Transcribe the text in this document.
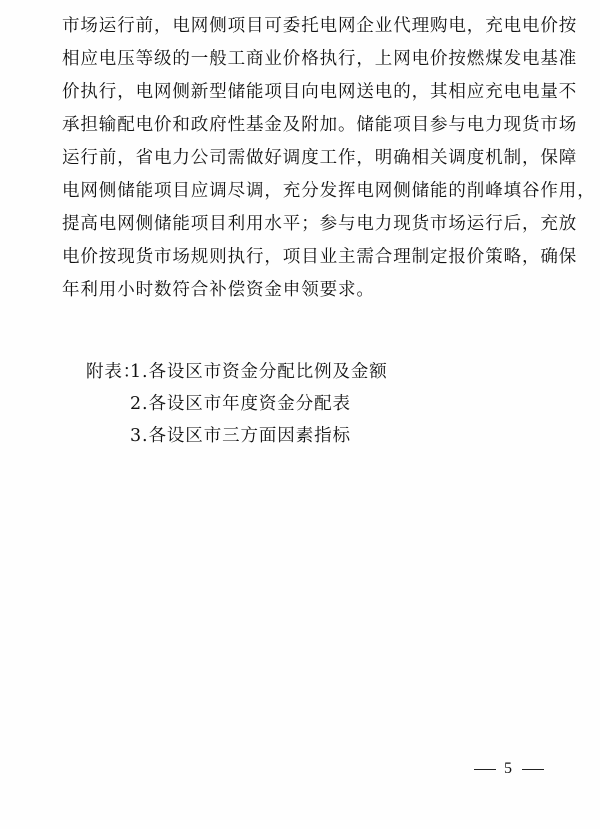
市场运行前，电网侧项目可委托电网企业代理购电，充电电价按
相应电压等级的一般工商业价格执行，上网电价按燃煤发电基准
价执行，电网侧新型储能项目向电网送电的，其相应充电电量不
承担输配电价和政府性基金及附加。储能项目参与电力现货市场
运行前，省电力公司需做好调度工作，明确相关调度机制，保障
电网侧储能项目应调尽调，充分发挥电网侧储能的削峰填谷作用，
提高电网侧储能项目利用水平；参与电力现货市场运行后，充放
电价按现货市场规则执行，项目业主需合理制定报价策略，确保
年利用小时数符合补偿资金申领要求。
附表：1.各设区市资金分配比例及金额
2.各设区市年度资金分配表
3.各设区市三方面因素指标
5
